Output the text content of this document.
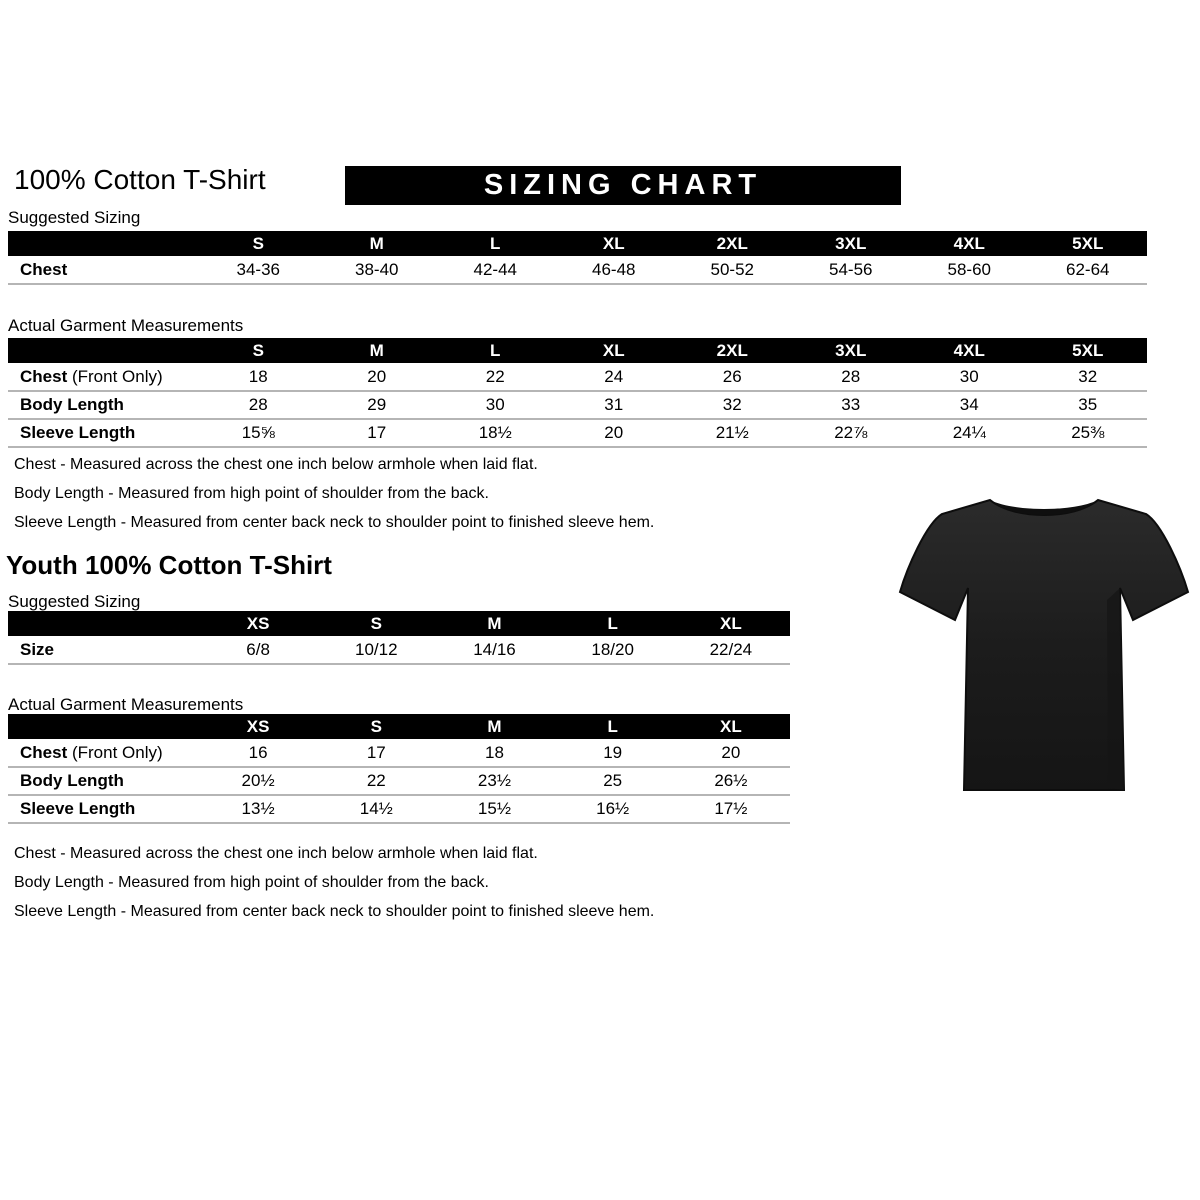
100% Cotton T-Shirt	SIZING CHART
Suggested Sizing
	S	M	L	XL	2XL	3XL	4XL	5XL
Chest	34-36	38-40	42-44	46-48	50-52	54-56	58-60	62-64
Actual Garment Measurements
	S	M	L	XL	2XL	3XL	4XL	5XL
Chest (Front Only)	18	20	22	24	26	28	30	32
Body Length	28	29	30	31	32	33	34	35
Sleeve Length	15⅝	17	18½	20	21½	22⅞	24¼	25⅜
Chest - Measured across the chest one inch below armhole when laid flat.
Body Length - Measured from high point of shoulder from the back.
Sleeve Length - Measured from center back neck to shoulder point to finished sleeve hem.
Youth 100% Cotton T-Shirt
Suggested Sizing
	XS	S	M	L	XL
Size	6/8	10/12	14/16	18/20	22/24
Actual Garment Measurements
	XS	S	M	L	XL
Chest (Front Only)	16	17	18	19	20
Body Length	20½	22	23½	25	26½
Sleeve Length	13½	14½	15½	16½	17½
Chest - Measured across the chest one inch below armhole when laid flat.
Body Length - Measured from high point of shoulder from the back.
Sleeve Length - Measured from center back neck to shoulder point to finished sleeve hem.
